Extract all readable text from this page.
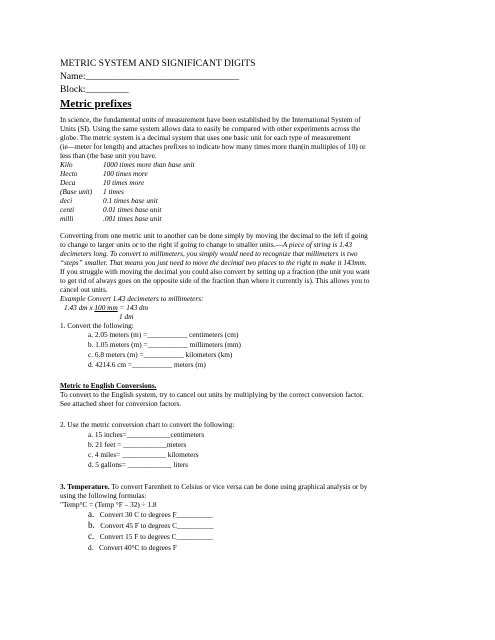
METRIC SYSTEM AND SIGNIFICANT DIGITS
Name:________________________________
Block:_________
Metric prefixes
In science, the fundamental units of measurement have been established by the International System of
Units (SI). Using the same system allows data to easily be compared with other experiments across the
globe. The metric system is a decimal system that uses one basic unit for each type of measurement
(ie—meter for length) and attaches prefixes to indicate how many times more than(in multiples of 10) or
less than (the base unit you have.
Kilo	1000 times more than base unit
Hecto	100 times more
Deca	10 times more
(Base unit) 1 times
deci	0.1 times base unit
centi	0.01 times base unit
milli	.001 times base unit
Converting from one metric unit to another can be done simply by moving the decimal to the left if going
to change to larger units or to the right if going to change to smaller units.—A piece of string is 1.43
decimeters long. To convert to millimeters, you simply would need to recognize that millimeters is two
“steps” smaller. That means you just need to move the decimal two places to the right to make it 143mm.
If you struggle with moving the decimal you could also convert by setting up a fraction (the unit you want
to get rid of always goes on the opposite side of the fraction than where it currently is). This allows you to
cancel out units.
Example Convert 1.43 decimeters to millimeters:
1.43 dm x 100 mm = 143 dm
1 dm
1. Convert the following:
a. 2.05 meters (m) =___________ centimeters (cm)
b. 1.05 meters (m) =___________ millimeters (mm)
c. 6.8 meters (m) =___________ kilometers (km)
d. 4214.6 cm =___________ meters (m)
Metric to English Conversions.
To convert to the English system, try to cancel out units by multiplying by the correct conversion factor.
See attached sheet for conversion factors.
2. Use the metric conversion chart to convert the following:
a. 15 inches=____________centimeters
b. 21 feet = ____________meters
c. 4 miles= ____________ kilometers
d. 5 gallons= ____________ liters
3. Temperature. To convert Farenheit to Celsius or vice versa can be done using graphical analysis or by
using the following formulas:
"Temp°C = (Temp °F – 32) ÷ 1.8
a. Convert 30 C to degrees F__________
b. Convert 45 F to degrees C__________
c. Convert 15 F to degrees C__________
d. Convert 40°C to degrees F
